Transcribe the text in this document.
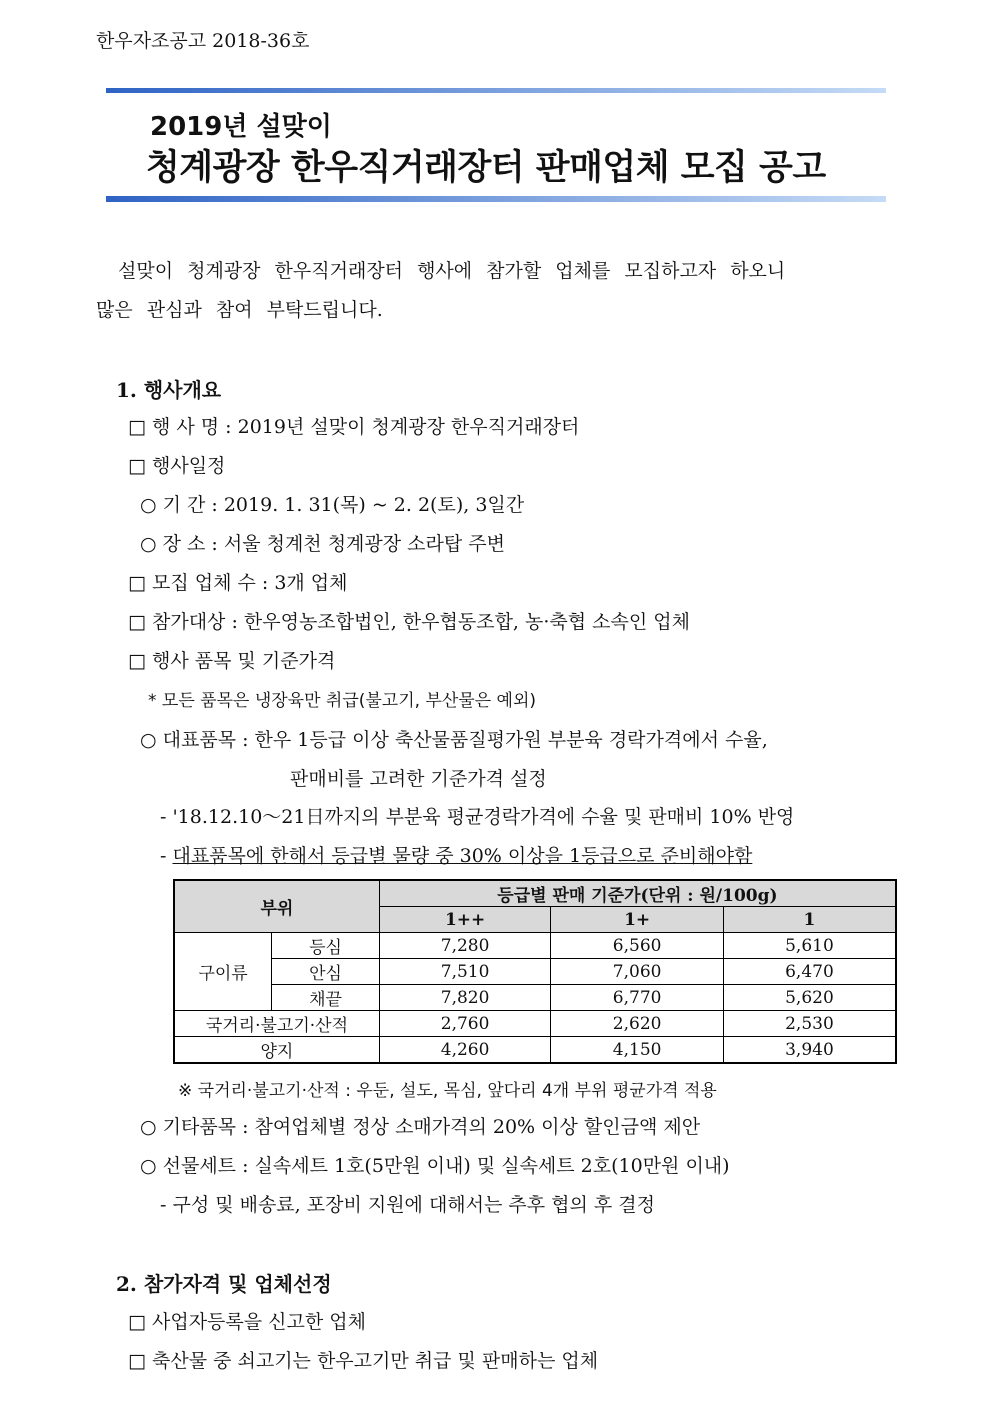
한우자조공고 2018-36호
2019년 설맞이
청계광장 한우직거래장터 판매업체 모집 공고
설맞이 청계광장 한우직거래장터 행사에 참가할 업체를 모집하고자 하오니
많은 관심과 참여 부탁드립니다.
1. 행사개요
□ 행 사 명 : 2019년 설맞이 청계광장 한우직거래장터
□ 행사일정
○ 기 간 : 2019. 1. 31(목) ~ 2. 2(토), 3일간
○ 장 소 : 서울 청계천 청계광장 소라탑 주변
□ 모집 업체 수 : 3개 업체
□ 참가대상 : 한우영농조합법인, 한우협동조합, 농·축협 소속인 업체
□ 행사 품목 및 기준가격
* 모든 품목은 냉장육만 취급(불고기, 부산물은 예외)
○ 대표품목 : 한우 1등급 이상 축산물품질평가원 부분육 경락가격에서 수율,
판매비를 고려한 기준가격 설정
- '18.12.10～21日까지의 부분육 평균경락가격에 수율 및 판매비 10% 반영
- 대표품목에 한해서 등급별 물량 중 30% 이상을 1등급으로 준비해야함
부위		등급별 판매 기준가(단위 : 원/100g)		
		1++	1+	1
구이류	등심	7,280	6,560	5,610
	안심	7,510	7,060	6,470
	채끝	7,820	6,770	5,620
국거리·불고기·산적		2,760	2,620	2,530
양지		4,260	4,150	3,940
※ 국거리·불고기·산적 : 우둔, 설도, 목심, 앞다리 4개 부위 평균가격 적용
○ 기타품목 : 참여업체별 정상 소매가격의 20% 이상 할인금액 제안
○ 선물세트 : 실속세트 1호(5만원 이내) 및 실속세트 2호(10만원 이내)
- 구성 및 배송료, 포장비 지원에 대해서는 추후 협의 후 결정
2. 참가자격 및 업체선정
□ 사업자등록을 신고한 업체
□ 축산물 중 쇠고기는 한우고기만 취급 및 판매하는 업체
